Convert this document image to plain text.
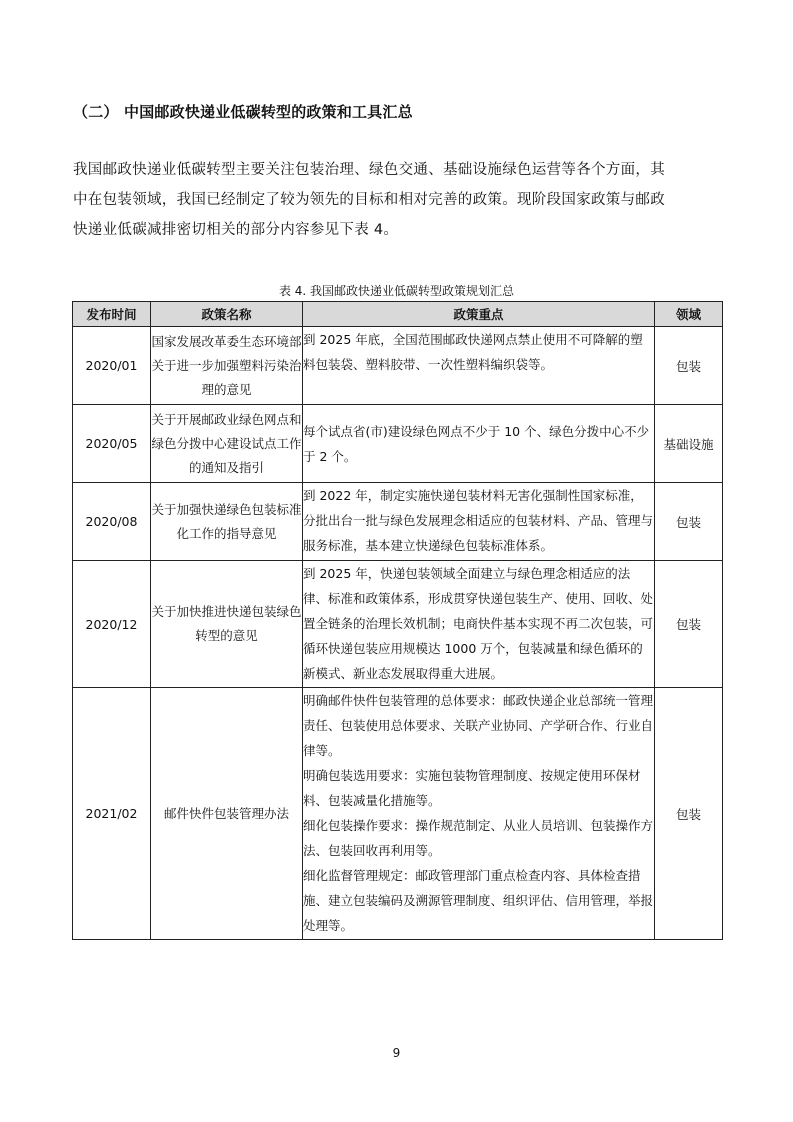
（二） 中国邮政快递业低碳转型的政策和工具汇总

我国邮政快递业低碳转型主要关注包装治理、绿色交通、基础设施绿色运营等各个方面，其

中在包装领域，我国已经制定了较为领先的目标和相对完善的政策。现阶段国家政策与邮政

快递业低碳减排密切相关的部分内容参见下表 4。

表 4. 我国邮政快递业低碳转型政策规划汇总
发布时间	政策名称	政策重点	领域
2020/01	国家发展改革委生态环境部关于进一步加强塑料污染治理的意见	到 2025 年底，全国范围邮政快递网点禁止使用不可降解的塑料包装袋、塑料胶带、一次性塑料编织袋等。	包装
2020/05	关于开展邮政业绿色网点和绿色分拨中心建设试点工作的通知及指引	每个试点省(市)建设绿色网点不少于 10 个、绿色分拨中心不少于 2 个。	基础设施
2020/08	关于加强快递绿色包装标准化工作的指导意见	到 2022 年，制定实施快递包装材料无害化强制性国家标准，分批出台一批与绿色发展理念相适应的包装材料、产品、管理与服务标准，基本建立快递绿色包装标准体系。	包装
2020/12	关于加快推进快递包装绿色转型的意见	到 2025 年，快递包装领域全面建立与绿色理念相适应的法律、标准和政策体系，形成贯穿快递包装生产、使用、回收、处置全链条的治理长效机制；电商快件基本实现不再二次包装，可循环快递包装应用规模达 1000 万个，包装减量和绿色循环的新模式、新业态发展取得重大进展。	包装
2021/02	邮件快件包装管理办法	明确邮件快件包装管理的总体要求：邮政快递企业总部统一管理责任、包装使用总体要求、关联产业协同、产学研合作、行业自律等。
明确包装选用要求：实施包装物管理制度、按规定使用环保材料、包装减量化措施等。
细化包装操作要求：操作规范制定、从业人员培训、包装操作方法、包装回收再利用等。
细化监督管理规定：邮政管理部门重点检查内容、具体检查措施、建立包装编码及溯源管理制度、组织评估、信用管理，举报处理等。	包装
9
